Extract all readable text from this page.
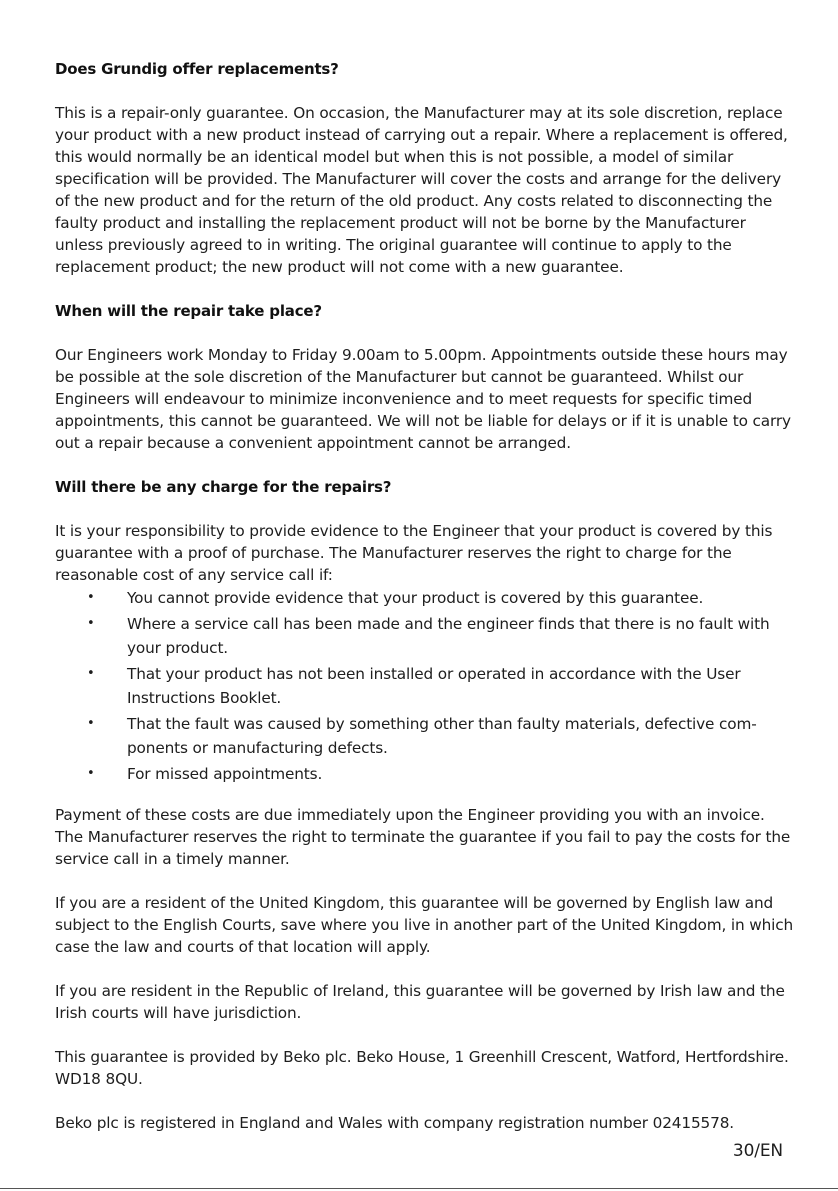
Does Grundig offer replacements?

This is a repair-only guarantee. On occasion, the Manufacturer may at its sole discretion, replace your product with a new product instead of carrying out a repair. Where a replacement is offered, this would normally be an identical model but when this is not possible, a model of similar specification will be provided. The Manufacturer will cover the costs and arrange for the delivery of the new product and for the return of the old product. Any costs related to disconnecting the faulty product and installing the replacement product will not be borne by the Manufacturer unless previously agreed to in writing. The original guarantee will continue to apply to the replacement product; the new product will not come with a new guarantee.

When will the repair take place?

Our Engineers work Monday to Friday 9.00am to 5.00pm. Appointments outside these hours may be possible at the sole discretion of the Manufacturer but cannot be guaranteed. Whilst our Engineers will endeavour to minimize inconvenience and to meet requests for specific timed appointments, this cannot be guaranteed. We will not be liable for delays or if it is unable to carry out a repair because a convenient appointment cannot be arranged.

Will there be any charge for the repairs?

It is your responsibility to provide evidence to the Engineer that your product is covered by this guarantee with a proof of purchase. The Manufacturer reserves the right to charge for the reasonable cost of any service call if:

• You cannot provide evidence that your product is covered by this guarantee.
• Where a service call has been made and the engineer finds that there is no fault with your product.
• That your product has not been installed or operated in accordance with the User Instructions Booklet.
• That the fault was caused by something other than faulty materials, defective com-ponents or manufacturing defects.
• For missed appointments.

Payment of these costs are due immediately upon the Engineer providing you with an invoice. The Manufacturer reserves the right to terminate the guarantee if you fail to pay the costs for the service call in a timely manner.

If you are a resident of the United Kingdom, this guarantee will be governed by English law and subject to the English Courts, save where you live in another part of the United Kingdom, in which case the law and courts of that location will apply.

If you are resident in the Republic of Ireland, this guarantee will be governed by Irish law and the Irish courts will have jurisdiction.

This guarantee is provided by Beko plc. Beko House, 1 Greenhill Crescent, Watford, Hertfordshire. WD18 8QU.

Beko plc is registered in England and Wales with company registration number 02415578.

30/EN
